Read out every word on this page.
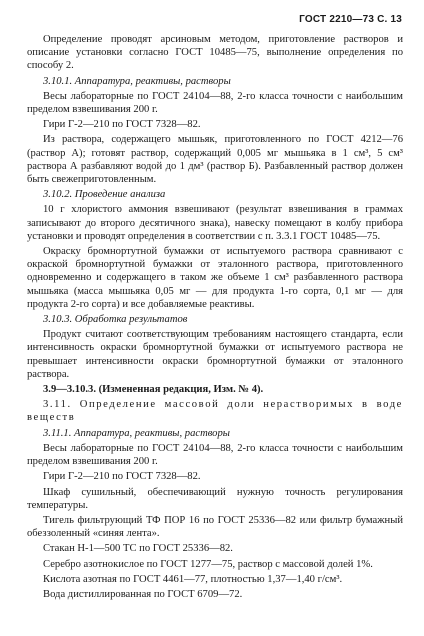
ГОСТ 2210—73 С. 13

Определение проводят арсиновым методом, приготовление растворов и описание установки согласно ГОСТ 10485—75, выполнение определения по способу 2.

3.10.1. Аппаратура, реактивы, растворы

Весы лабораторные по ГОСТ 24104—88, 2-го класса точности с наибольшим пределом взвешивания 200 г.

Гири Г-2—210 по ГОСТ 7328—82.

Из раствора, содержащего мышьяк, приготовленного по ГОСТ 4212—76 (раствор А); готовят раствор, содержащий 0,005 мг мышьяка в 1 см³, 5 см³ раствора А разбавляют водой до 1 дм³ (раствор Б). Разбавленный раствор должен быть свежеприготовленным.

3.10.2. Проведение анализа

10 г хлористого аммония взвешивают (результат взвешивания в граммах записывают до второго десятичного знака), навеску помещают в колбу прибора установки и проводят определения в соответствии с п. 3.3.1 ГОСТ 10485—75.

Окраску бромнортутной бумажки от испытуемого раствора сравнивают с окраской бромнортутной бумажки от эталонного раствора, приготовленного одновременно и содержащего в таком же объеме 1 см³ разбавленного раствора мышьяка (масса мышьяка 0,05 мг — для продукта 1-го сорта, 0,1 мг — для продукта 2-го сорта) и все добавляемые реактивы.

3.10.3. Обработка результатов

Продукт считают соответствующим требованиям настоящего стандарта, если интенсивность окраски бромнортутной бумажки от испытуемого раствора не превышает интенсивности окраски бромнортутной бумажки от эталонного раствора.

3.9—3.10.3. (Измененная редакция, Изм. № 4).

3.11. Определение массовой доли нерастворимых в воде веществ

3.11.1. Аппаратура, реактивы, растворы

Весы лабораторные по ГОСТ 24104—88, 2-го класса точности с наибольшим пределом взвешивания 200 г.

Гири Г-2—210 по ГОСТ 7328—82.

Шкаф сушильный, обеспечивающий нужную точность регулирования температуры.

Тигель фильтрующий ТФ ПОР 16 по ГОСТ 25336—82 или фильтр бумажный обеззоленный «синяя лента».

Стакан Н-1—500 ТС по ГОСТ 25336—82.

Серебро азотнокислое по ГОСТ 1277—75, раствор с массовой долей 1%.

Кислота азотная по ГОСТ 4461—77, плотностью 1,37—1,40 г/см³.

Вода дистиллированная по ГОСТ 6709—72.
